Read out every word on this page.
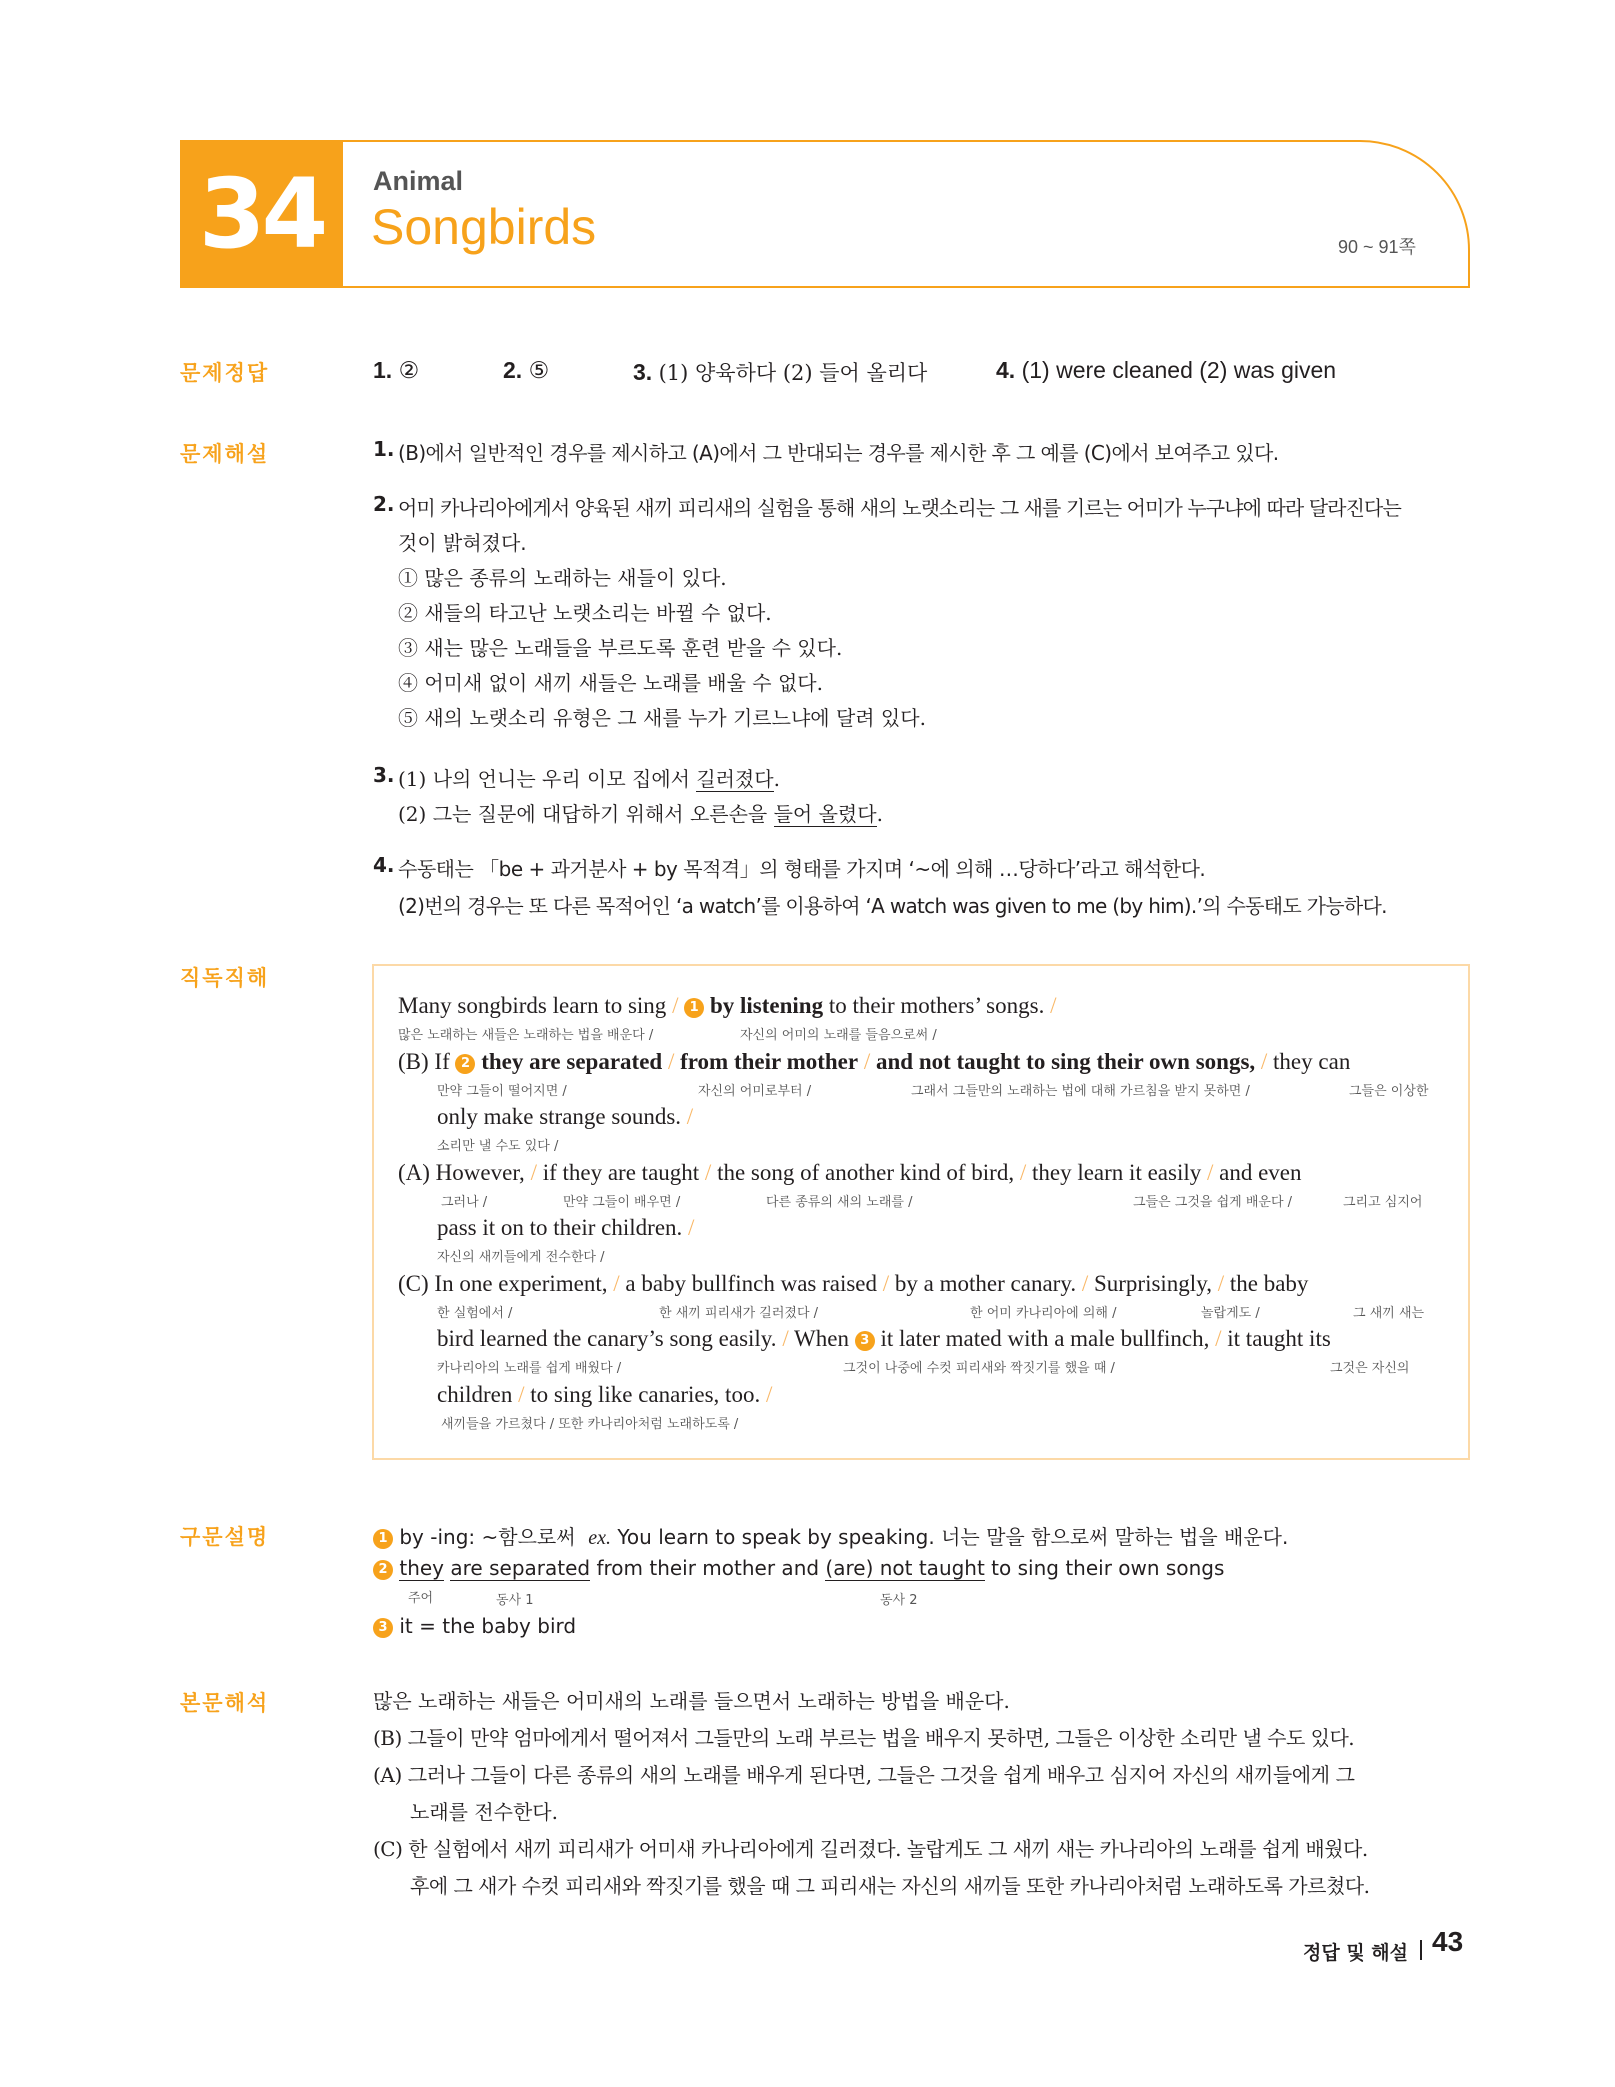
34	Animal
Songbirds	90 ~ 91쪽
문제정답	1. ②	2. ⑤	3. (1) 양육하다 (2) 들어 올리다	4. (1) were cleaned (2) was given
문제해설	1. (B)에서 일반적인 경우를 제시하고 (A)에서 그 반대되는 경우를 제시한 후 그 예를 (C)에서 보여주고 있다.
2. 어미 카나리아에게서 양육된 새끼 피리새의 실험을 통해 새의 노랫소리는 그 새를 기르는 어미가 누구냐에 따라 달라진다는
것이 밝혀졌다.
① 많은 종류의 노래하는 새들이 있다.
② 새들의 타고난 노랫소리는 바뀔 수 없다.
③ 새는 많은 노래들을 부르도록 훈련 받을 수 있다.
④ 어미새 없이 새끼 새들은 노래를 배울 수 없다.
⑤ 새의 노랫소리 유형은 그 새를 누가 기르느냐에 달려 있다.
3. (1) 나의 언니는 우리 이모 집에서 길러졌다.
(2) 그는 질문에 대답하기 위해서 오른손을 들어 올렸다.
4. 수동태는 「be + 과거분사 + by 목적격」의 형태를 가지며 ‘~에 의해 …당하다’라고 해석한다.
(2)번의 경우는 또 다른 목적어인 ‘a watch’를 이용하여 ‘A watch was given to me (by him).’의 수동태도 가능하다.
직독직해
Many songbirds learn to sing / 1 by listening to their mothers’ songs. /
많은 노래하는 새들은 노래하는 법을 배운다 /	자신의 어미의 노래를 들음으로써 /
(B) If 2 they are separated / from their mother / and not taught to sing their own songs, / they can
만약 그들이 떨어지면 /	자신의 어미로부터 /	그래서 그들만의 노래하는 법에 대해 가르침을 받지 못하면 /	그들은 이상한
only make strange sounds. /
소리만 낼 수도 있다 /
(A) However, / if they are taught / the song of another kind of bird, / they learn it easily / and even
그러나 /	만약 그들이 배우면 /	다른 종류의 새의 노래를 /	그들은 그것을 쉽게 배운다 /	그리고 심지어
pass it on to their children. /
자신의 새끼들에게 전수한다 /
(C) In one experiment, / a baby bullfinch was raised / by a mother canary. / Surprisingly, / the baby
한 실험에서 /	한 새끼 피리새가 길러졌다 /	한 어미 카나리아에 의해 /	놀랍게도 /	그 새끼 새는
bird learned the canary’s song easily. / When 3 it later mated with a male bullfinch, / it taught its
카나리아의 노래를 쉽게 배웠다 /	그것이 나중에 수컷 피리새와 짝짓기를 했을 때 /	그것은 자신의
children / to sing like canaries, too. /
새끼들을 가르쳤다 / 또한 카나리아처럼 노래하도록 /
구문설명	1 by -ing: ~함으로써 ex. You learn to speak by speaking. 너는 말을 함으로써 말하는 법을 배운다.
2 they are separated from their mother and (are) not taught to sing their own songs
주어	동사 1	동사 2
3 it = the baby bird
본문해석	많은 노래하는 새들은 어미새의 노래를 들으면서 노래하는 방법을 배운다.
(B) 그들이 만약 엄마에게서 떨어져서 그들만의 노래 부르는 법을 배우지 못하면, 그들은 이상한 소리만 낼 수도 있다.
(A) 그러나 그들이 다른 종류의 새의 노래를 배우게 된다면, 그들은 그것을 쉽게 배우고 심지어 자신의 새끼들에게 그
노래를 전수한다.
(C) 한 실험에서 새끼 피리새가 어미새 카나리아에게 길러졌다. 놀랍게도 그 새끼 새는 카나리아의 노래를 쉽게 배웠다.
후에 그 새가 수컷 피리새와 짝짓기를 했을 때 그 피리새는 자신의 새끼들 또한 카나리아처럼 노래하도록 가르쳤다.
정답 및 해설 43
